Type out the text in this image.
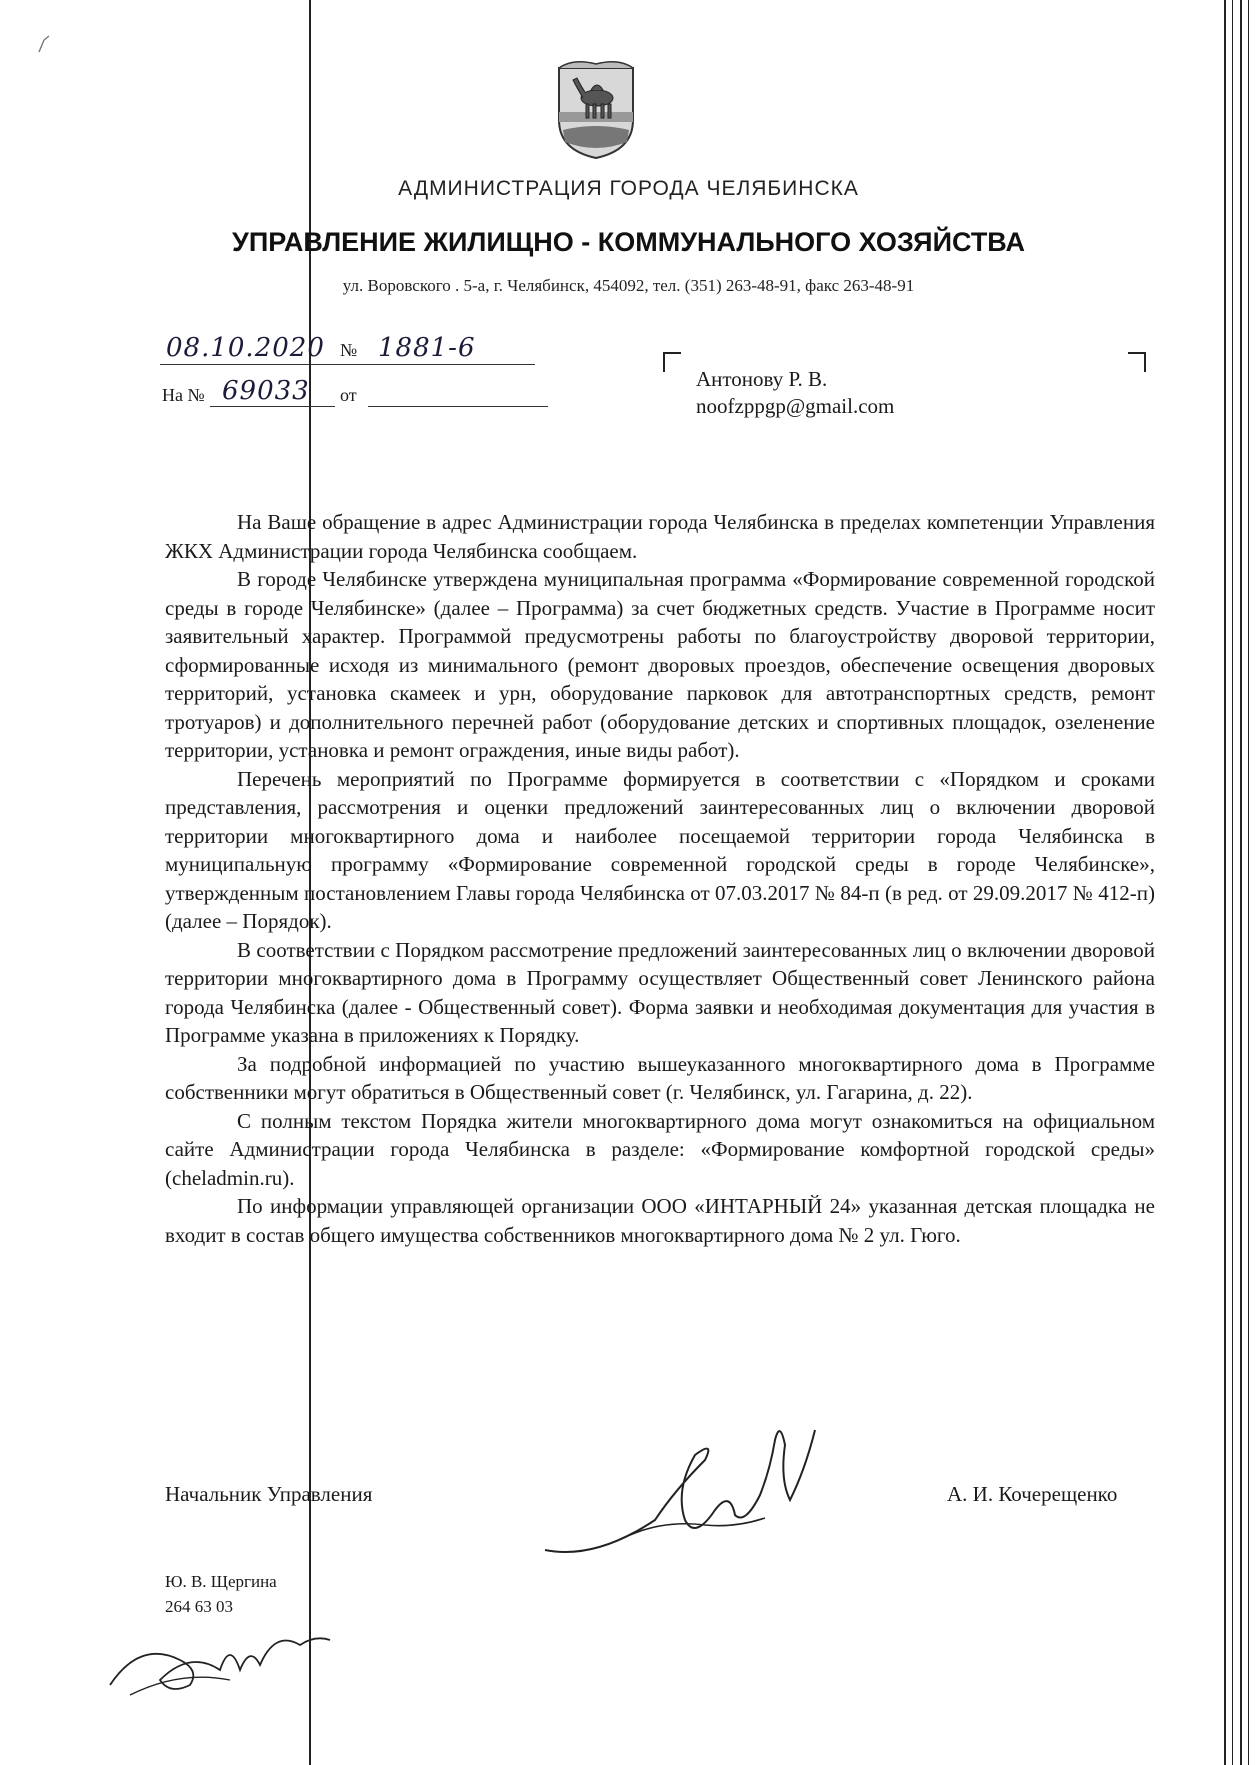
АДМИНИСТРАЦИЯ ГОРОДА ЧЕЛЯБИНСКА
УПРАВЛЕНИЕ ЖИЛИЩНО - КОММУНАЛЬНОГО ХОЗЯЙСТВА
ул. Воровского . 5-а, г. Челябинск, 454092, тел. (351) 263-48-91, факс 263-48-91
08.10.2020 № 1881-6
На № 69033 от
Антонову Р. В.
noofzppgp@gmail.com

На Ваше обращение в адрес Администрации города Челябинска в пределах компетенции Управления ЖКХ Администрации города Челябинска сообщаем.

В городе Челябинске утверждена муниципальная программа «Формирование современной городской среды в городе Челябинске» (далее – Программа) за счет бюджетных средств. Участие в Программе носит заявительный характер. Программой предусмотрены работы по благоустройству дворовой территории, сформированные исходя из минимального (ремонт дворовых проездов, обеспечение освещения дворовых территорий, установка скамеек и урн, оборудование парковок для автотранспортных средств, ремонт тротуаров) и дополнительного перечней работ (оборудование детских и спортивных площадок, озеленение территории, установка и ремонт ограждения, иные виды работ).

Перечень мероприятий по Программе формируется в соответствии с «Порядком и сроками представления, рассмотрения и оценки предложений заинтересованных лиц о включении дворовой территории многоквартирного дома и наиболее посещаемой территории города Челябинска в муниципальную программу «Формирование современной городской среды в городе Челябинске», утвержденным постановлением Главы города Челябинска от 07.03.2017 № 84-п (в ред. от 29.09.2017 № 412-п) (далее – Порядок).

В соответствии с Порядком рассмотрение предложений заинтересованных лиц о включении дворовой территории многоквартирного дома в Программу осуществляет Общественный совет Ленинского района города Челябинска (далее - Общественный совет). Форма заявки и необходимая документация для участия в Программе указана в приложениях к Порядку.

За подробной информацией по участию вышеуказанного многоквартирного дома в Программе собственники могут обратиться в Общественный совет (г. Челябинск, ул. Гагарина, д. 22).

С полным текстом Порядка жители многоквартирного дома могут ознакомиться на официальном сайте Администрации города Челябинска в разделе: «Формирование комфортной городской среды» (cheladmin.ru).

По информации управляющей организации ООО «ИНТАРНЫЙ 24» указанная детская площадка не входит в состав общего имущества собственников многоквартирного дома № 2 ул. Гюго.

Начальник Управления	А. И. Кочерещенко
Ю. В. Щергина
264 63 03
